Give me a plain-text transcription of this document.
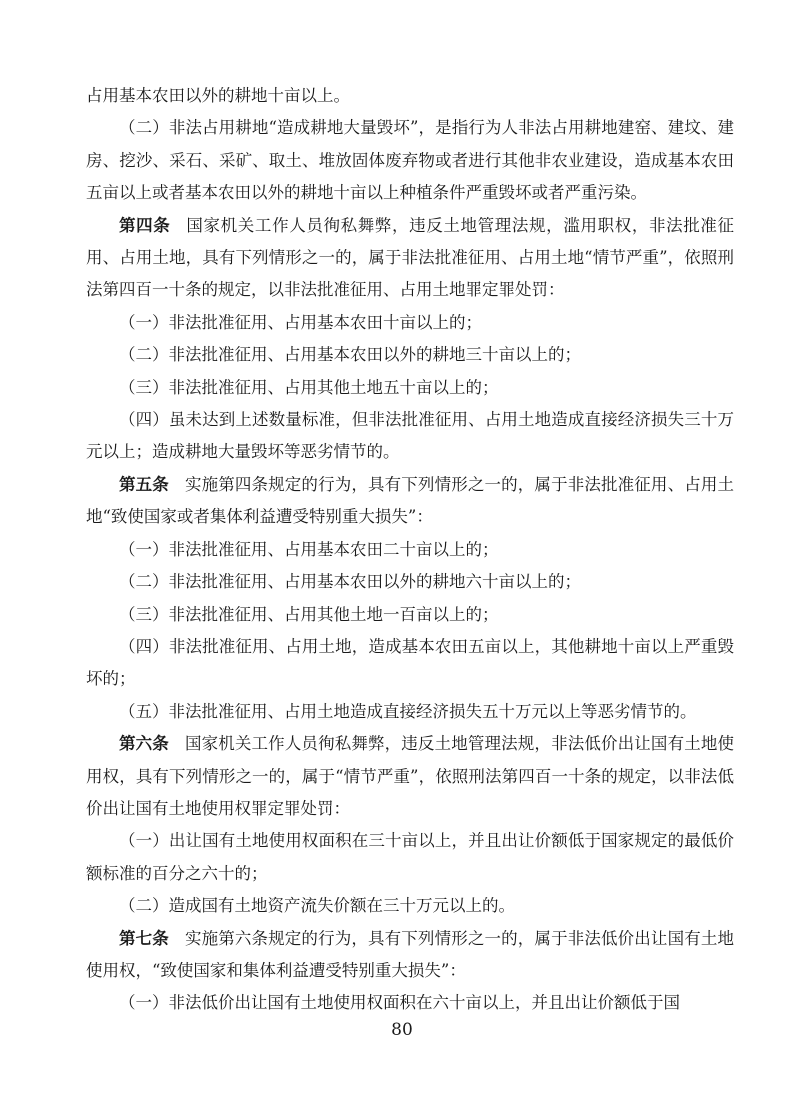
占用基本农田以外的耕地十亩以上。

（二）非法占用耕地“造成耕地大量毁坏”，是指行为人非法占用耕地建窑、建坟、建房、挖沙、采石、采矿、取土、堆放固体废弃物或者进行其他非农业建设，造成基本农田五亩以上或者基本农田以外的耕地十亩以上种植条件严重毁坏或者严重污染。

第四条 国家机关工作人员徇私舞弊，违反土地管理法规，滥用职权，非法批准征用、占用土地，具有下列情形之一的，属于非法批准征用、占用土地“情节严重”，依照刑法第四百一十条的规定，以非法批准征用、占用土地罪定罪处罚：

（一）非法批准征用、占用基本农田十亩以上的；

（二）非法批准征用、占用基本农田以外的耕地三十亩以上的；

（三）非法批准征用、占用其他土地五十亩以上的；

（四）虽未达到上述数量标准，但非法批准征用、占用土地造成直接经济损失三十万元以上；造成耕地大量毁坏等恶劣情节的。

第五条 实施第四条规定的行为，具有下列情形之一的，属于非法批准征用、占用土地“致使国家或者集体利益遭受特别重大损失”：

（一）非法批准征用、占用基本农田二十亩以上的；

（二）非法批准征用、占用基本农田以外的耕地六十亩以上的；

（三）非法批准征用、占用其他土地一百亩以上的；

（四）非法批准征用、占用土地，造成基本农田五亩以上，其他耕地十亩以上严重毁坏的；

（五）非法批准征用、占用土地造成直接经济损失五十万元以上等恶劣情节的。

第六条 国家机关工作人员徇私舞弊，违反土地管理法规，非法低价出让国有土地使用权，具有下列情形之一的，属于“情节严重”，依照刑法第四百一十条的规定，以非法低价出让国有土地使用权罪定罪处罚：

（一）出让国有土地使用权面积在三十亩以上，并且出让价额低于国家规定的最低价额标准的百分之六十的；

（二）造成国有土地资产流失价额在三十万元以上的。

第七条 实施第六条规定的行为，具有下列情形之一的，属于非法低价出让国有土地使用权，“致使国家和集体利益遭受特别重大损失”：

（一）非法低价出让国有土地使用权面积在六十亩以上，并且出让价额低于国

80
